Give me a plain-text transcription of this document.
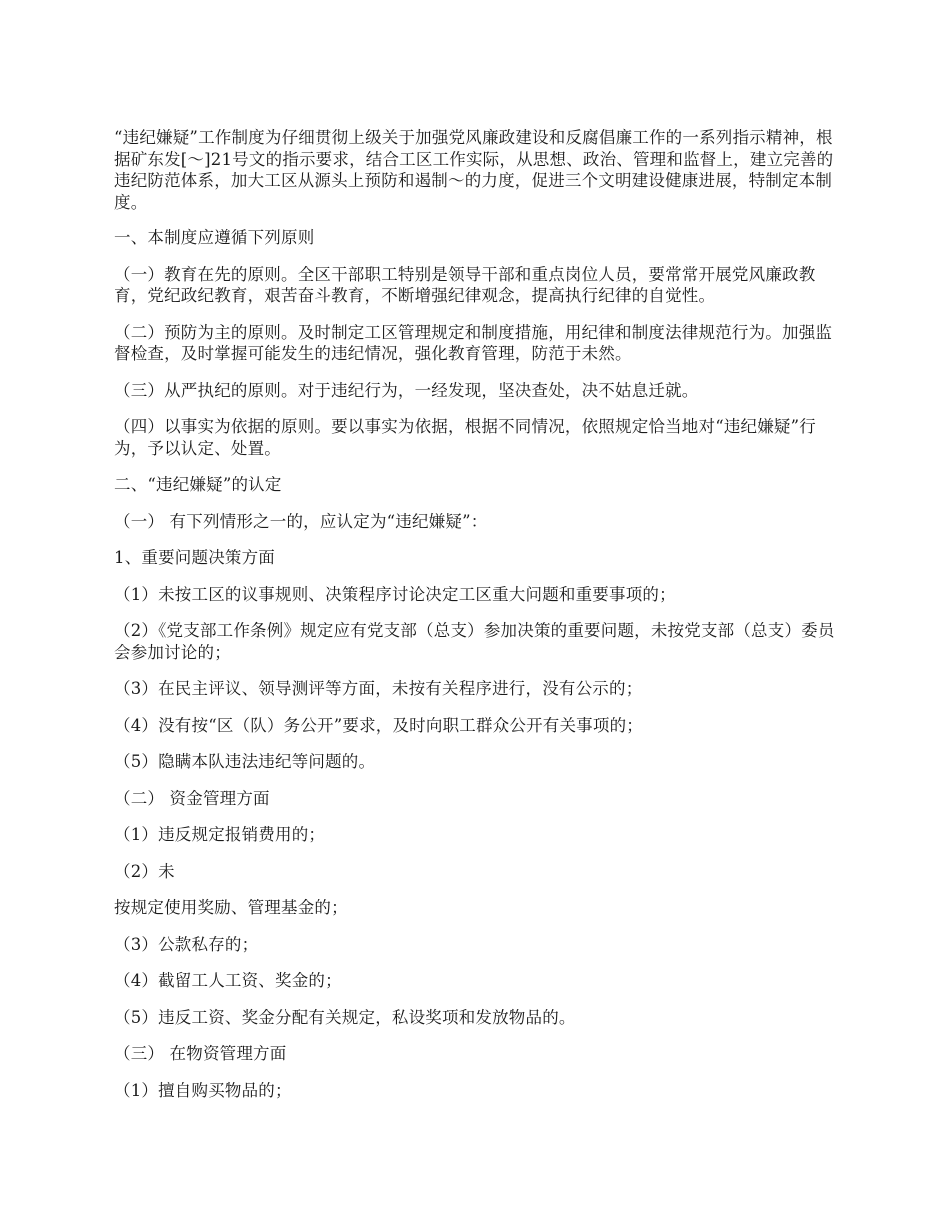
“违纪嫌疑”工作制度为仔细贯彻上级关于加强党风廉政建设和反腐倡廉工作的一系列指示精神，根据矿东发[～]21号文的指示要求，结合工区工作实际，从思想、政治、管理和监督上，建立完善的违纪防范体系，加大工区从源头上预防和遏制～的力度，促进三个文明建设健康进展，特制定本制度。

一、本制度应遵循下列原则

（一）教育在先的原则。全区干部职工特别是领导干部和重点岗位人员，要常常开展党风廉政教育，党纪政纪教育，艰苦奋斗教育，不断增强纪律观念，提高执行纪律的自觉性。

（二）预防为主的原则。及时制定工区管理规定和制度措施，用纪律和制度法律规范行为。加强监督检查，及时掌握可能发生的违纪情况，强化教育管理，防范于未然。

（三）从严执纪的原则。对于违纪行为，一经发现，坚决查处，决不姑息迁就。

（四）以事实为依据的原则。要以事实为依据，根据不同情况，依照规定恰当地对“违纪嫌疑”行为，予以认定、处置。

二、“违纪嫌疑”的认定

（一） 有下列情形之一的，应认定为“违纪嫌疑”：

1、重要问题决策方面

（1）未按工区的议事规则、决策程序讨论决定工区重大问题和重要事项的；

（2）《党支部工作条例》规定应有党支部（总支）参加决策的重要问题，未按党支部（总支）委员会参加讨论的；

（3）在民主评议、领导测评等方面，未按有关程序进行，没有公示的；

（4）没有按“区（队）务公开”要求，及时向职工群众公开有关事项的；

（5）隐瞒本队违法违纪等问题的。

（二） 资金管理方面

（1）违反规定报销费用的；

（2）未

按规定使用奖励、管理基金的；

（3）公款私存的；

（4）截留工人工资、奖金的；

（5）违反工资、奖金分配有关规定，私设奖项和发放物品的。

（三） 在物资管理方面

（1）擅自购买物品的；
